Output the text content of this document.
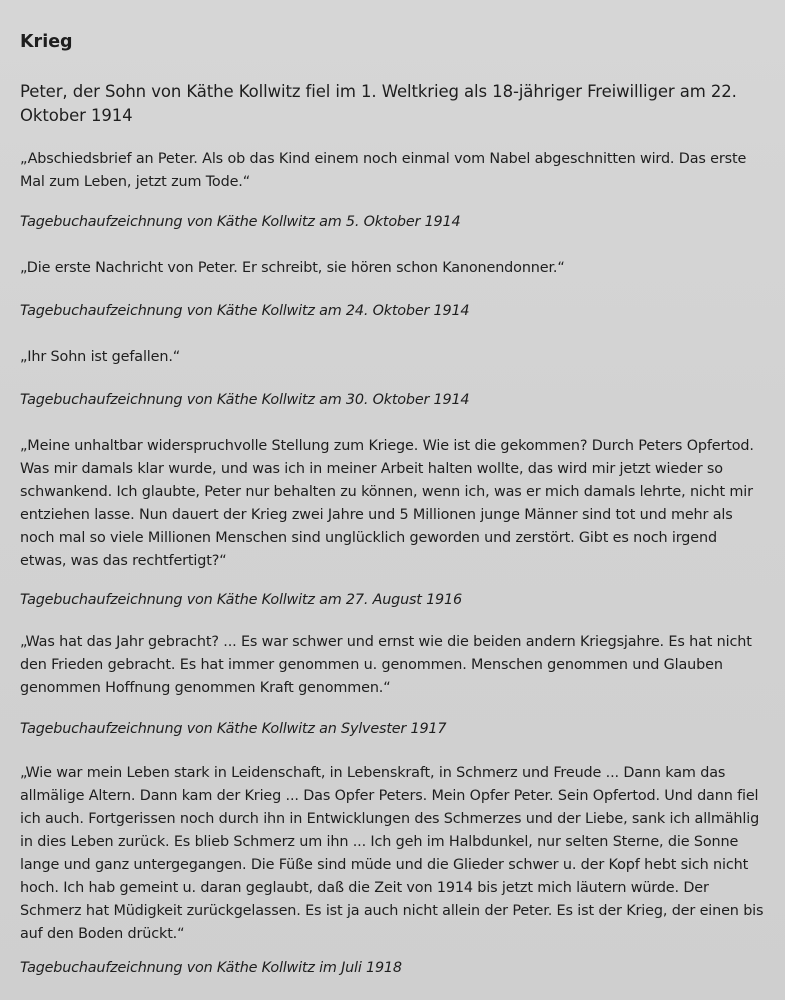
Krieg

Peter, der Sohn von Käthe Kollwitz fiel im 1. Weltkrieg als 18-jähriger Freiwilliger am 22. Oktober 1914

„Abschiedsbrief an Peter. Als ob das Kind einem noch einmal vom Nabel abgeschnitten wird. Das erste Mal zum Leben, jetzt zum Tode.“

Tagebuchaufzeichnung von Käthe Kollwitz am 5. Oktober 1914

„Die erste Nachricht von Peter. Er schreibt, sie hören schon Kanonendonner.“

Tagebuchaufzeichnung von Käthe Kollwitz am 24. Oktober 1914

„Ihr Sohn ist gefallen.“

Tagebuchaufzeichnung von Käthe Kollwitz am 30. Oktober 1914

„Meine unhaltbar widerspruchvolle Stellung zum Kriege. Wie ist die gekommen? Durch Peters Opfertod. Was mir damals klar wurde, und was ich in meiner Arbeit halten wollte, das wird mir jetzt wieder so schwankend. Ich glaubte, Peter nur behalten zu können, wenn ich, was er mich damals lehrte, nicht mir entziehen lasse. Nun dauert der Krieg zwei Jahre und 5 Millionen junge Männer sind tot und mehr als noch mal so viele Millionen Menschen sind unglücklich geworden und zerstört. Gibt es noch irgend etwas, was das rechtfertigt?“

Tagebuchaufzeichnung von Käthe Kollwitz am 27. August 1916

„Was hat das Jahr gebracht? ... Es war schwer und ernst wie die beiden andern Kriegsjahre. Es hat nicht den Frieden gebracht. Es hat immer genommen u. genommen. Menschen genommen und Glauben genommen Hoffnung genommen Kraft genommen.“

Tagebuchaufzeichnung von Käthe Kollwitz an Sylvester 1917

„Wie war mein Leben stark in Leidenschaft, in Lebenskraft, in Schmerz und Freude ... Dann kam das allmälige Altern. Dann kam der Krieg ... Das Opfer Peters. Mein Opfer Peter. Sein Opfertod. Und dann fiel ich auch. Fortgerissen noch durch ihn in Entwicklungen des Schmerzes und der Liebe, sank ich allmählig in dies Leben zurück. Es blieb Schmerz um ihn ... Ich geh im Halbdunkel, nur selten Sterne, die Sonne lange und ganz untergegangen. Die Füße sind müde und die Glieder schwer u. der Kopf hebt sich nicht hoch. Ich hab gemeint u. daran geglaubt, daß die Zeit von 1914 bis jetzt mich läutern würde. Der Schmerz hat Müdigkeit zurückgelassen. Es ist ja auch nicht allein der Peter. Es ist der Krieg, der einen bis auf den Boden drückt.“

Tagebuchaufzeichnung von Käthe Kollwitz im Juli 1918
